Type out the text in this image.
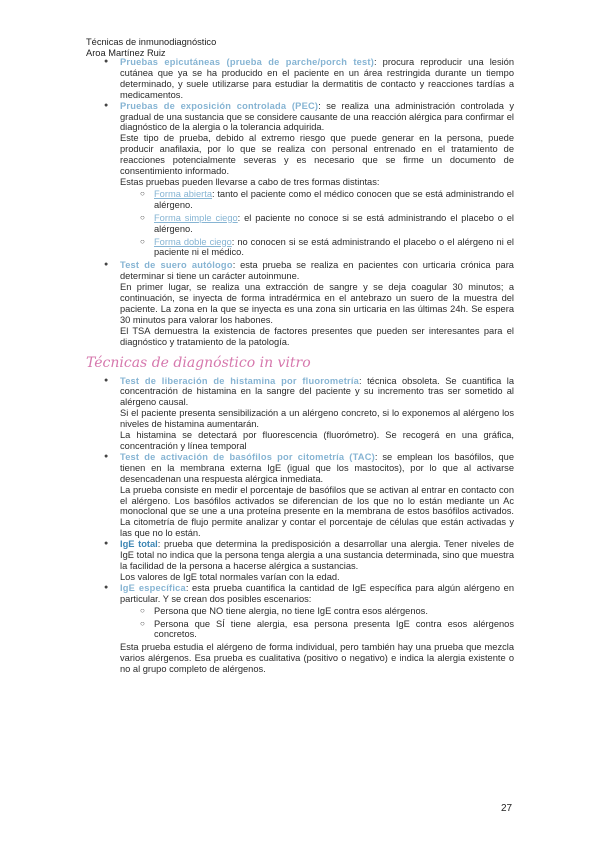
Técnicas de inmunodiagnóstico
Aroa Martínez Ruiz

● Pruebas epicutáneas (prueba de parche/porch test): procura reproducir una lesión cutánea que ya se ha producido en el paciente en un área restringida durante un tiempo determinado, y suele utilizarse para estudiar la dermatitis de contacto y reacciones tardías a medicamentos.

● Pruebas de exposición controlada (PEC): se realiza una administración controlada y gradual de una sustancia que se considere causante de una reacción alérgica para confirmar el diagnóstico de la alergia o la tolerancia adquirida.

Este tipo de prueba, debido al extremo riesgo que puede generar en la persona, puede producir anafilaxia, por lo que se realiza con personal entrenado en el tratamiento de reacciones potencialmente severas y es necesario que se firme un documento de consentimiento informado.

Estas pruebas pueden llevarse a cabo de tres formas distintas:

○ Forma abierta: tanto el paciente como el médico conocen que se está administrando el alérgeno.
○ Forma simple ciego: el paciente no conoce si se está administrando el placebo o el alérgeno.
○ Forma doble ciego: no conocen si se está administrando el placebo o el alérgeno ni el paciente ni el médico.

● Test de suero autólogo: esta prueba se realiza en pacientes con urticaria crónica para determinar si tiene un carácter autoinmune.

En primer lugar, se realiza una extracción de sangre y se deja coagular 30 minutos; a continuación, se inyecta de forma intradérmica en el antebrazo un suero de la muestra del paciente. La zona en la que se inyecta es una zona sin urticaria en las últimas 24h. Se espera 30 minutos para valorar los habones.

El TSA demuestra la existencia de factores presentes que pueden ser interesantes para el diagnóstico y tratamiento de la patología.

Técnicas de diagnóstico in vitro

● Test de liberación de histamina por fluorometría: técnica obsoleta. Se cuantifica la concentración de histamina en la sangre del paciente y su incremento tras ser sometido al alérgeno causal.

Si el paciente presenta sensibilización a un alérgeno concreto, si lo exponemos al alérgeno los niveles de histamina aumentarán.

La histamina se detectará por fluorescencia (fluorómetro). Se recogerá en una gráfica, concentración y línea temporal

● Test de activación de basófilos por citometría (TAC): se emplean los basófilos, que tienen en la membrana externa IgE (igual que los mastocitos), por lo que al activarse desencadenan una respuesta alérgica inmediata.

La prueba consiste en medir el porcentaje de basófilos que se activan al entrar en contacto con el alérgeno. Los basófilos activados se diferencian de los que no lo están mediante un Ac monoclonal que se une a una proteína presente en la membrana de estos basófilos activados. La citometría de flujo permite analizar y contar el porcentaje de células que están activadas y las que no lo están.

● IgE total: prueba que determina la predisposición a desarrollar una alergia. Tener niveles de IgE total no indica que la persona tenga alergia a una sustancia determinada, sino que muestra la facilidad de la persona a hacerse alérgica a sustancias.

Los valores de IgE total normales varían con la edad.

● IgE específica: esta prueba cuantifica la cantidad de IgE específica para algún alérgeno en particular. Y se crean dos posibles escenarios:

○ Persona que NO tiene alergia, no tiene IgE contra esos alérgenos.
○ Persona que SÍ tiene alergia, esa persona presenta IgE contra esos alérgenos concretos.

Esta prueba estudia el alérgeno de forma individual, pero también hay una prueba que mezcla varios alérgenos. Esa prueba es cualitativa (positivo o negativo) e indica la alergia existente o no al grupo completo de alérgenos.

27
